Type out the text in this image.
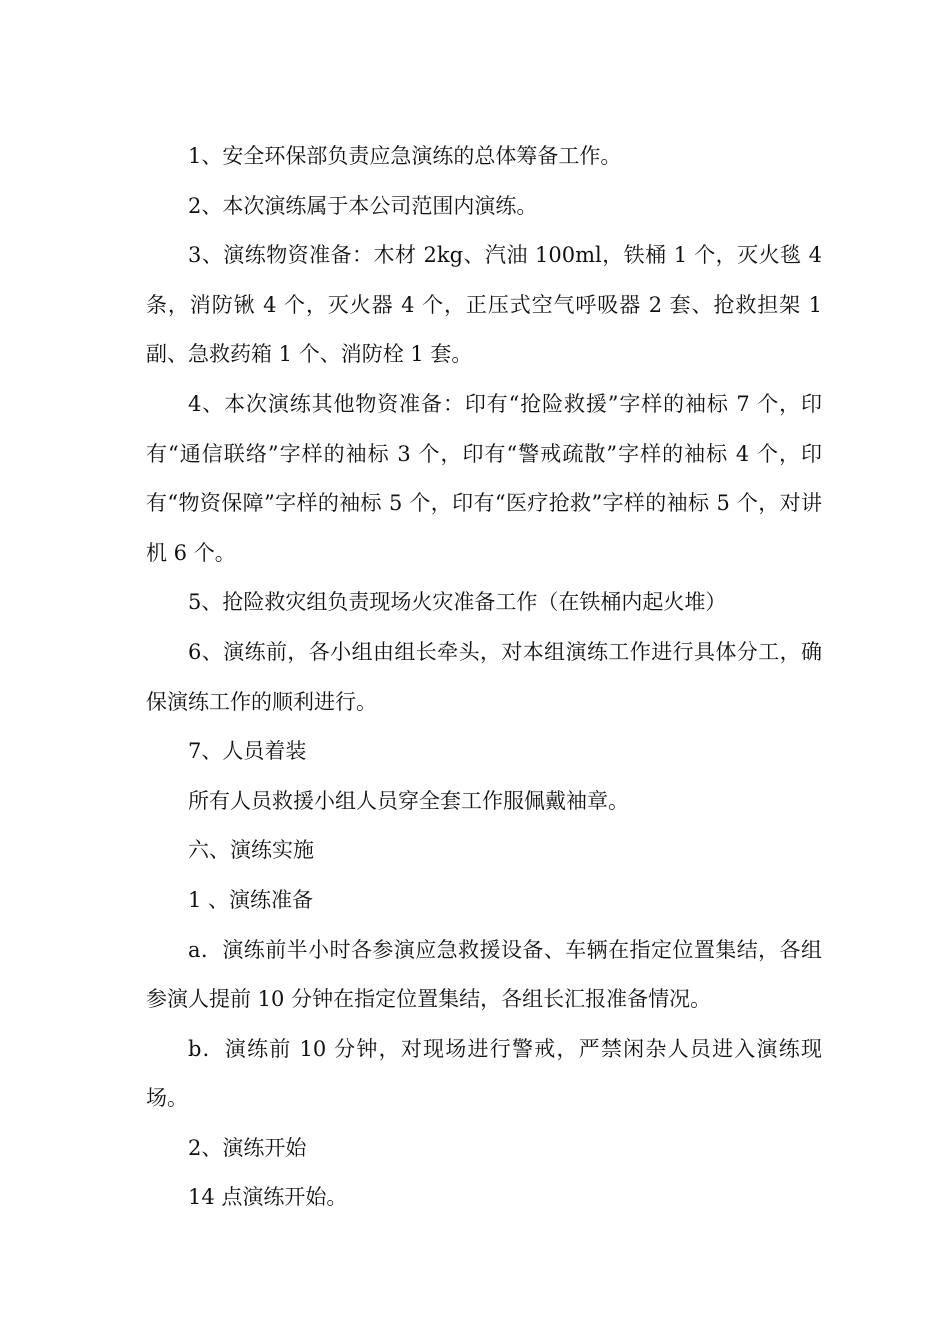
1、安全环保部负责应急演练的总体筹备工作。

2、本次演练属于本公司范围内演练。

3、演练物资准备：木材 2kg、汽油 100ml，铁桶 1 个，灭火毯 4 条，消防锹 4 个，灭火器 4 个，正压式空气呼吸器 2 套、抢救担架 1 副、急救药箱 1 个、消防栓 1 套。

4、本次演练其他物资准备：印有“抢险救援”字样的袖标 7 个，印有“通信联络”字样的袖标 3 个，印有“警戒疏散”字样的袖标 4 个，印有“物资保障”字样的袖标 5 个，印有“医疗抢救”字样的袖标 5 个，对讲机 6 个。

5、抢险救灾组负责现场火灾准备工作（在铁桶内起火堆）

6、演练前，各小组由组长牵头，对本组演练工作进行具体分工，确保演练工作的顺利进行。

7、人员着装

所有人员救援小组人员穿全套工作服佩戴袖章。

六、演练实施

1 、演练准备

a．演练前半小时各参演应急救援设备、车辆在指定位置集结，各组参演人提前 10 分钟在指定位置集结，各组长汇报准备情况。

b．演练前 10 分钟，对现场进行警戒，严禁闲杂人员进入演练现场。

2、演练开始

14 点演练开始。
